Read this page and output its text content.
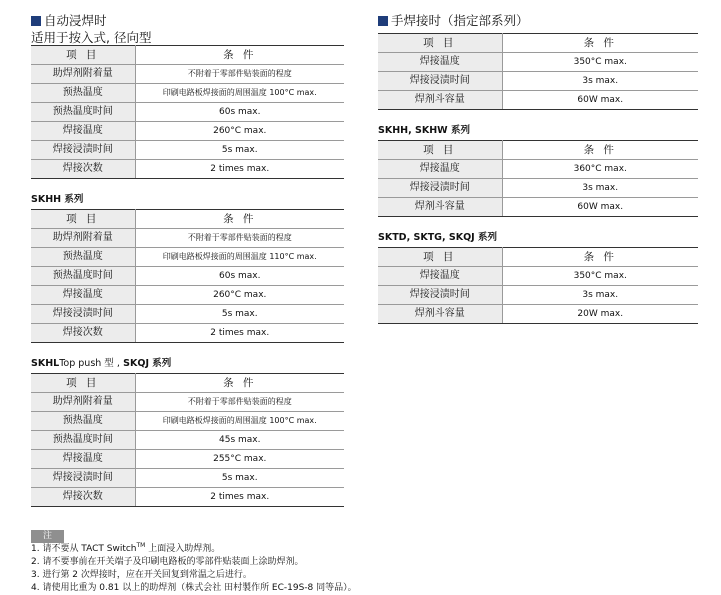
自动浸焊时
适用于按入式, 径向型
项 目	条 件
助焊剂附着量	不附着于零部件贴装面的程度
预热温度	印刷电路板焊接面的周围温度 100°C max.
预热温度时间	60s max.
焊接温度	260°C max.
焊接浸渍时间	5s max.
焊接次数	2 times max.
SKHH 系列
项 目	条 件
助焊剂附着量	不附着于零部件贴装面的程度
预热温度	印刷电路板焊接面的周围温度 110°C max.
预热温度时间	60s max.
焊接温度	260°C max.
焊接浸渍时间	5s max.
焊接次数	2 times max.
SKHLTop push 型 , SKQJ 系列
项 目	条 件
助焊剂附着量	不附着于零部件贴装面的程度
预热温度	印刷电路板焊接面的周围温度 100°C max.
预热温度时间	45s max.
焊接温度	255°C max.
焊接浸渍时间	5s max.
焊接次数	2 times max.
注
1. 请不要从 TACT Switch™ 上面浸入助焊剂。
2. 请不要事前在开关端子及印刷电路板的零部件贴装面上涂助焊剂。
3. 进行第 2 次焊接时，应在开关回复到常温之后进行。
4. 请使用比重为 0.81 以上的助焊剂（株式会社 田村製作所 EC-19S-8 同等品）。
手焊接时（指定部系列）
项 目	条 件
焊接温度	350°C max.
焊接浸渍时间	3s max.
焊剂斗容量	60W max.
SKHH, SKHW 系列
项 目	条 件
焊接温度	360°C max.
焊接浸渍时间	3s max.
焊剂斗容量	60W max.
SKTD, SKTG, SKQJ 系列
项 目	条 件
焊接温度	350°C max.
焊接浸渍时间	3s max.
焊剂斗容量	20W max.
